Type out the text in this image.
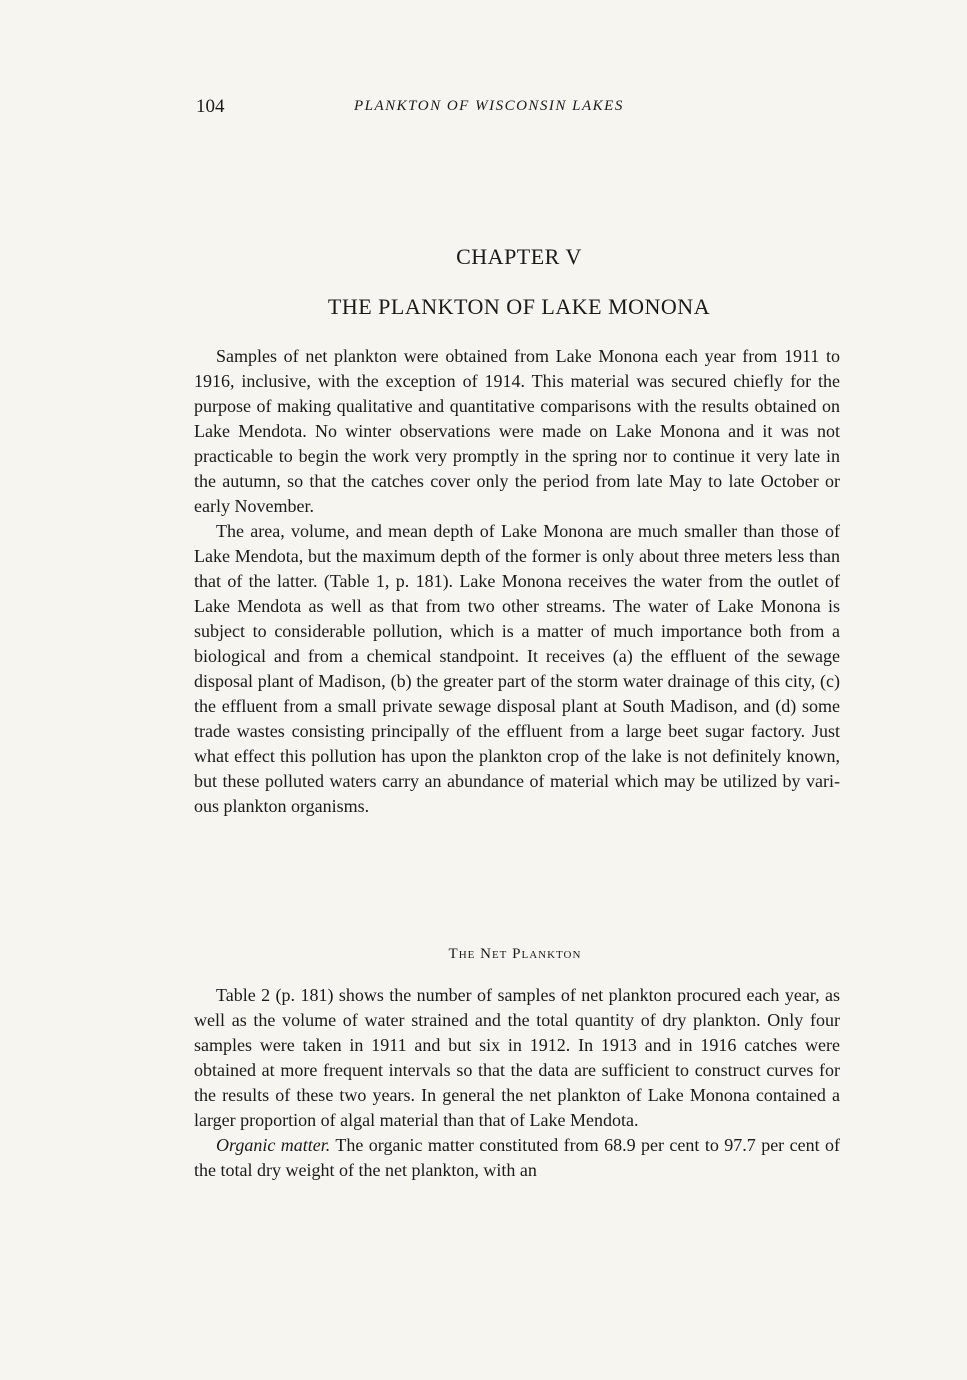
104	PLANKTON OF WISCONSIN LAKES
CHAPTER V
THE PLANKTON OF LAKE MONONA

Samples of net plankton were obtained from Lake Monona each year from 1911 to 1916, inclusive, with the exception of 1914. This material was secured chiefly for the purpose of making qualitative and quantitative comparisons with the results obtained on Lake Mendota. No winter observations were made on Lake Monona and it was not practicable to begin the work very promptly in the spring nor to continue it very late in the autumn, so that the catches cover only the period from late May to late October or early November.

The area, volume, and mean depth of Lake Monona are much smaller than those of Lake Mendota, but the maximum depth of the former is only about three meters less than that of the latter. (Table 1, p. 181). Lake Monona receives the water from the outlet of Lake Mendota as well as that from two other streams. The water of Lake Monona is subject to considerable pollution, which is a matter of much importance both from a biological and from a chemical standpoint. It receives (a) the effluent of the sewage disposal plant of Madison, (b) the greater part of the storm water drainage of this city, (c) the effluent from a small private sewage disposal plant at South Madison, and (d) some trade wastes consisting principally of the effluent from a large beet sugar factory. Just what effect this pollution has upon the plankton crop of the lake is not definitely known, but these polluted waters carry an abundance of material which may be utilized by various plankton organisms.

The Net Plankton

Table 2 (p. 181) shows the number of samples of net plankton procured each year, as well as the volume of water strained and the total quantity of dry plankton. Only four samples were taken in 1911 and but six in 1912. In 1913 and in 1916 catches were obtained at more frequent intervals so that the data are sufficient to construct curves for the results of these two years. In general the net plankton of Lake Monona contained a larger proportion of algal material than that of Lake Mendota.

Organic matter. The organic matter constituted from 68.9 per cent to 97.7 per cent of the total dry weight of the net plankton, with an
